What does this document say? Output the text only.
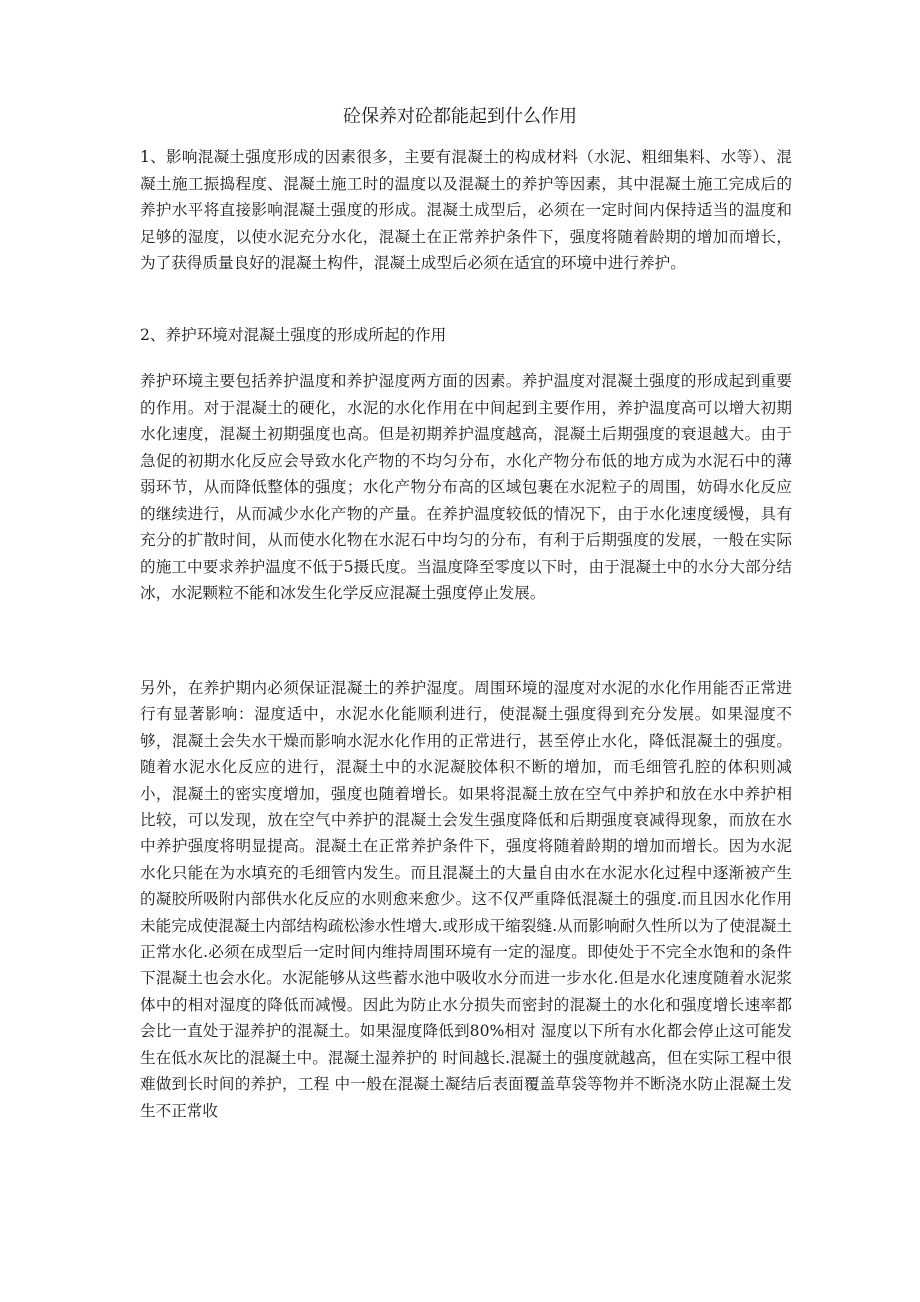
砼保养对砼都能起到什么作用

1、影响混凝土强度形成的因素很多，主要有混凝土的构成材料（水泥、粗细集料、水等）、混凝土施工振捣程度、混凝土施工时的温度以及混凝土的养护等因素，其中混凝土施工完成后的养护水平将直接影响混凝土强度的形成。混凝土成型后，必须在一定时间内保持适当的温度和足够的湿度，以使水泥充分水化，混凝土在正常养护条件下，强度将随着龄期的增加而增长，为了获得质量良好的混凝土构件，混凝土成型后必须在适宜的环境中进行养护。

2、养护环境对混凝土强度的形成所起的作用

养护环境主要包括养护温度和养护湿度两方面的因素。养护温度对混凝土强度的形成起到重要的作用。对于混凝土的硬化，水泥的水化作用在中间起到主要作用，养护温度高可以增大初期水化速度，混凝土初期强度也高。但是初期养护温度越高，混凝土后期强度的衰退越大。由于急促的初期水化反应会导致水化产物的不均匀分布，水化产物分布低的地方成为水泥石中的薄弱环节，从而降低整体的强度；水化产物分布高的区域包裹在水泥粒子的周围，妨碍水化反应的继续进行，从而减少水化产物的产量。在养护温度较低的情况下，由于水化速度缓慢，具有充分的扩散时间，从而使水化物在水泥石中均匀的分布，有利于后期强度的发展，一般在实际的施工中要求养护温度不低于5摄氏度。当温度降至零度以下时，由于混凝土中的水分大部分结冰，水泥颗粒不能和冰发生化学反应混凝土强度停止发展。

另外，在养护期内必须保证混凝土的养护湿度。周围环境的湿度对水泥的水化作用能否正常进行有显著影响：湿度适中，水泥水化能顺利进行，使混凝土强度得到充分发展。如果湿度不够，混凝土会失水干燥而影响水泥水化作用的正常进行，甚至停止水化，降低混凝土的强度。随着水泥水化反应的进行，混凝土中的水泥凝胶体积不断的增加，而毛细管孔腔的体积则减小，混凝土的密实度增加，强度也随着增长。如果将混凝土放在空气中养护和放在水中养护相比较，可以发现，放在空气中养护的混凝土会发生强度降低和后期强度衰减得现象，而放在水中养护强度将明显提高。混凝土在正常养护条件下，强度将随着龄期的增加而增长。因为水泥水化只能在为水填充的毛细管内发生。而且混凝土的大量自由水在水泥水化过程中逐渐被产生的凝胶所吸附内部供水化反应的水则愈来愈少。这不仅严重降低混凝土的强度.而且因水化作用未能完成使混凝土内部结构疏松渗水性增大.或形成干缩裂缝.从而影响耐久性所以为了使混凝土正常水化.必须在成型后一定时间内维持周围环境有一定的湿度。即使处于不完全水饱和的条件下混凝土也会水化。水泥能够从这些蓄水池中吸收水分而进一步水化.但是水化速度随着水泥浆体中的相对湿度的降低而减慢。因此为防止水分损失而密封的混凝土的水化和强度增长速率都会比一直处于湿养护的混凝土。如果湿度降低到80%相对 湿度以下所有水化都会停止这可能发生在低水灰比的混凝土中。混凝土湿养护的 时间越长.混凝土的强度就越高，但在实际工程中很难做到长时间的养护，工程 中一般在混凝土凝结后表面覆盖草袋等物并不断浇水防止混凝土发生不正常收
